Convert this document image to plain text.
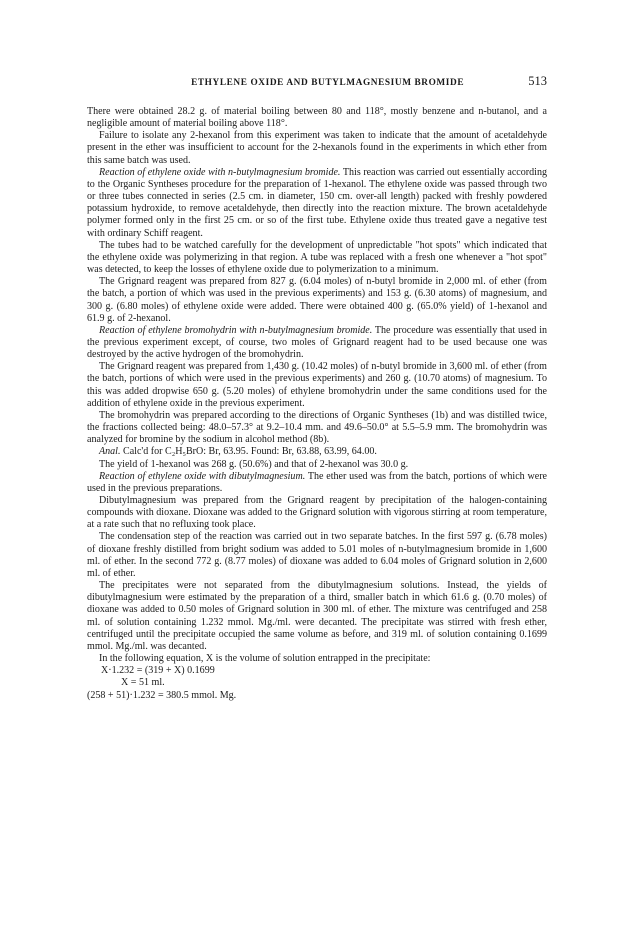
ETHYLENE OXIDE AND BUTYLMAGNESIUM BROMIDE	513

There were obtained 28.2 g. of material boiling between 80 and 118°, mostly benzene and n-butanol, and a negligible amount of material boiling above 118°.

Failure to isolate any 2-hexanol from this experiment was taken to indicate that the amount of acetaldehyde present in the ether was insufficient to account for the 2-hexanols found in the experiments in which ether from this same batch was used.

Reaction of ethylene oxide with n-butylmagnesium bromide. This reaction was carried out essentially according to the Organic Syntheses procedure for the preparation of 1-hexanol. The ethylene oxide was passed through two or three tubes connected in series (2.5 cm. in diameter, 150 cm. over-all length) packed with freshly powdered potassium hydroxide, to remove acetaldehyde, then directly into the reaction mixture. The brown acetaldehyde polymer formed only in the first 25 cm. or so of the first tube. Ethylene oxide thus treated gave a negative test with ordinary Schiff reagent.

The tubes had to be watched carefully for the development of unpredictable "hot spots" which indicated that the ethylene oxide was polymerizing in that region. A tube was replaced with a fresh one whenever a "hot spot" was detected, to keep the losses of ethylene oxide due to polymerization to a minimum.

The Grignard reagent was prepared from 827 g. (6.04 moles) of n-butyl bromide in 2,000 ml. of ether (from the batch, a portion of which was used in the previous experiments) and 153 g. (6.30 atoms) of magnesium, and 300 g. (6.80 moles) of ethylene oxide were added. There were obtained 400 g. (65.0% yield) of 1-hexanol and 61.9 g. of 2-hexanol.

Reaction of ethylene bromohydrin with n-butylmagnesium bromide. The procedure was essentially that used in the previous experiment except, of course, two moles of Grignard reagent had to be used because one was destroyed by the active hydrogen of the bromohydrin.

The Grignard reagent was prepared from 1,430 g. (10.42 moles) of n-butyl bromide in 3,600 ml. of ether (from the batch, portions of which were used in the previous experiments) and 260 g. (10.70 atoms) of magnesium. To this was added dropwise 650 g. (5.20 moles) of ethylene bromohydrin under the same conditions used for the addition of ethylene oxide in the previous experiment.

The bromohydrin was prepared according to the directions of Organic Syntheses (1b) and was distilled twice, the fractions collected being: 48.0–57.3° at 9.2–10.4 mm. and 49.6–50.0° at 5.5–5.9 mm. The bromohydrin was analyzed for bromine by the sodium in alcohol method (8b).

Anal. Calc'd for C₂H₅BrO: Br, 63.95. Found: Br, 63.88, 63.99, 64.00.

The yield of 1-hexanol was 268 g. (50.6%) and that of 2-hexanol was 30.0 g.

Reaction of ethylene oxide with dibutylmagnesium. The ether used was from the batch, portions of which were used in the previous preparations.

Dibutylmagnesium was prepared from the Grignard reagent by precipitation of the halogen-containing compounds with dioxane. Dioxane was added to the Grignard solution with vigorous stirring at room temperature, at a rate such that no refluxing took place.

The condensation step of the reaction was carried out in two separate batches. In the first 597 g. (6.78 moles) of dioxane freshly distilled from bright sodium was added to 5.01 moles of n-butylmagnesium bromide in 1,600 ml. of ether. In the second 772 g. (8.77 moles) of dioxane was added to 6.04 moles of Grignard solution in 2,600 ml. of ether.

The precipitates were not separated from the dibutylmagnesium solutions. Instead, the yields of dibutylmagnesium were estimated by the preparation of a third, smaller batch in which 61.6 g. (0.70 moles) of dioxane was added to 0.50 moles of Grignard solution in 300 ml. of ether. The mixture was centrifuged and 258 ml. of solution containing 1.232 mmol. Mg./ml. were decanted. The precipitate was stirred with fresh ether, centrifuged until the precipitate occupied the same volume as before, and 319 ml. of solution containing 0.1699 mmol. Mg./ml. was decanted.

In the following equation, X is the volume of solution entrapped in the precipitate:

X·1.232 = (319 + X) 0.1699

X = 51 ml.

(258 + 51)·1.232 = 380.5 mmol. Mg.
